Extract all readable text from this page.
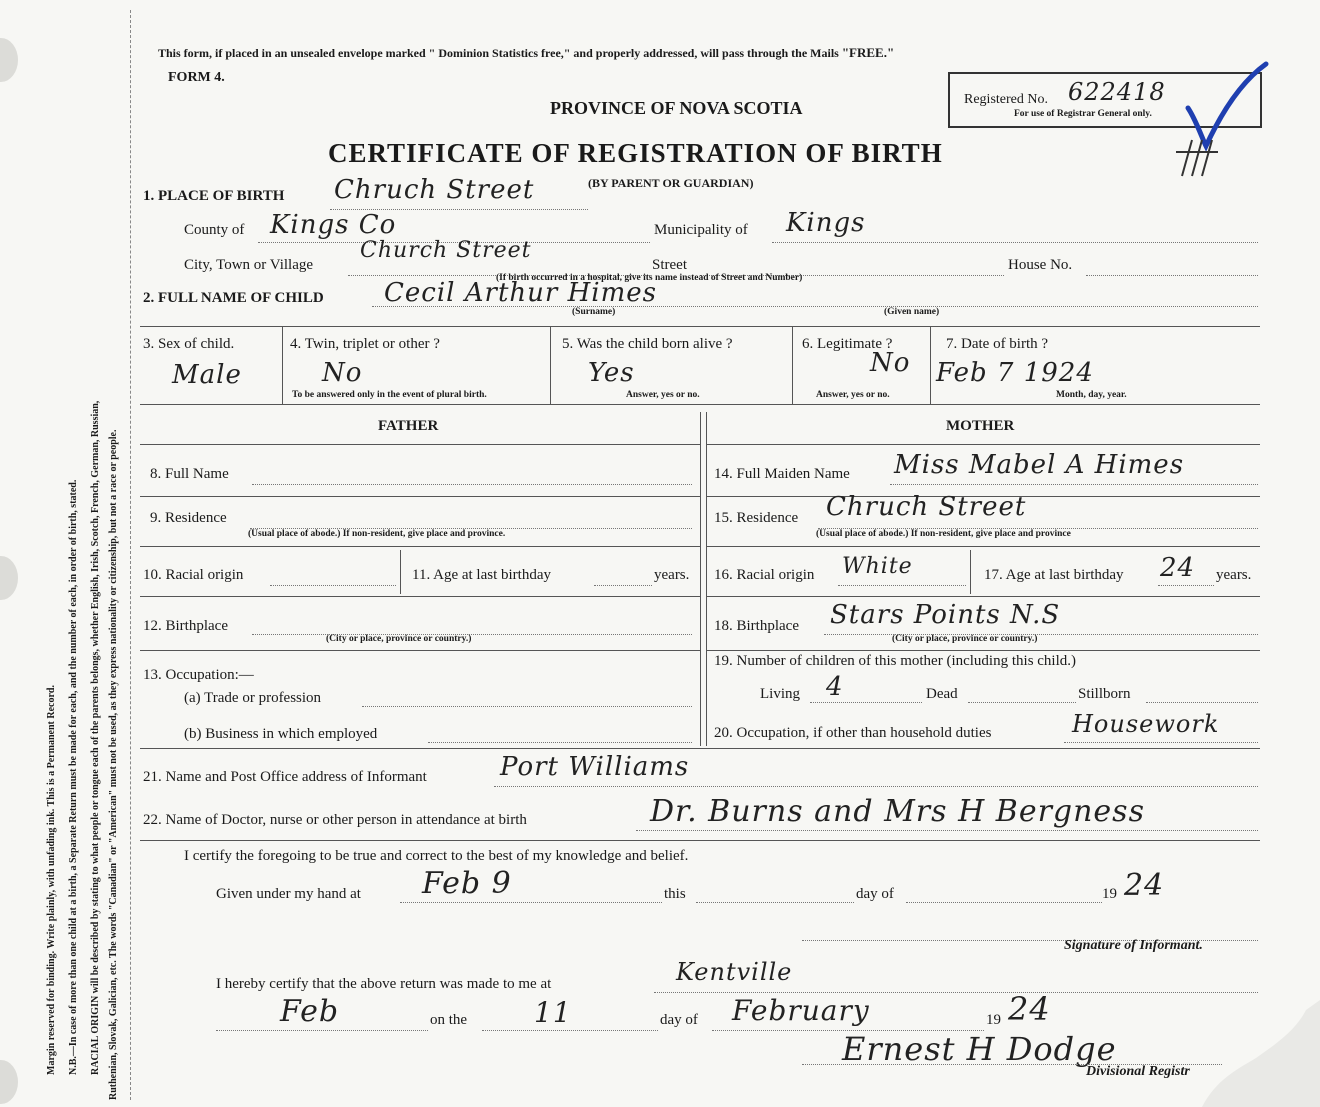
Margin reserved for binding. Write plainly, with unfading ink. This is a Permanent Record. N.B.—In case of more than one child at a birth, a Separate Return must be made for each, and the number of each, in order of birth, stated. RACIAL ORIGIN will be described by stating to what people or tongue each of the parents belongs, whether English, Irish, Scotch, French, German, Russian, Ruthenian, Slovak, Galician, etc. The words "Canadian" or "American" must not be used, as they express nationality or citizenship, but not a race or people.
This form, if placed in an unsealed envelope marked " Dominion Statistics free," and properly addressed, will pass through the Mails "FREE."
FORM 4.
PROVINCE OF NOVA SCOTIA
CERTIFICATE OF REGISTRATION OF BIRTH
(BY PARENT OR GUARDIAN)
Registered No. 622418
For use of Registrar General only.
1. PLACE OF BIRTH Chruch Street
County of Kings Co	Municipality of Kings
City, Town or Village
Church Street
Street	House No.
(If birth occurred in a hospital, give its name instead of Street and Number)
2. FULL NAME OF CHILD Cecil Arthur Himes
(Surname)	(Given name)
3. Sex of child.
Male
4. Twin, triplet or other ?
No
To be answered only in the event of plural birth.
5. Was the child born alive ?
Yes
Answer, yes or no.
6. Legitimate ?
No
Answer, yes or no.
7. Date of birth ?
Feb 7 1924
Month, day, year.
FATHER	MOTHER
8. Full Name
9. Residence
(Usual place of abode.) If non-resident, give place and province.
10. Racial origin	11. Age at last birthday	years.
12. Birthplace
(City or place, province or country.)
13. Occupation:—
(a) Trade or profession
(b) Business in which employed
14. Full Maiden Name Miss Mabel A Himes
15. Residence Chruch Street
(Usual place of abode.) If non-resident, give place and province
16. Racial origin White	17. Age at last birthday 24 years.
18. Birthplace Stars Points N.S
(City or place, province or country.)
19. Number of children of this mother (including this child.)
Living 4	Dead	Stillborn
20. Occupation, if other than household duties	Housework
21. Name and Post Office address of Informant	Port Williams
22. Name of Doctor, nurse or other person in attendance at birth	Dr. Burns and Mrs H Bergness
I certify the foregoing to be true and correct to the best of my knowledge and belief.
Given under my hand at Feb 9	this	day of	19 24
Signature of Informant.
I hereby certify that the above return was made to me at	Kentville
Feb	on the 11	day of February	19 24
Ernest H Dodge
Divisional Registr
